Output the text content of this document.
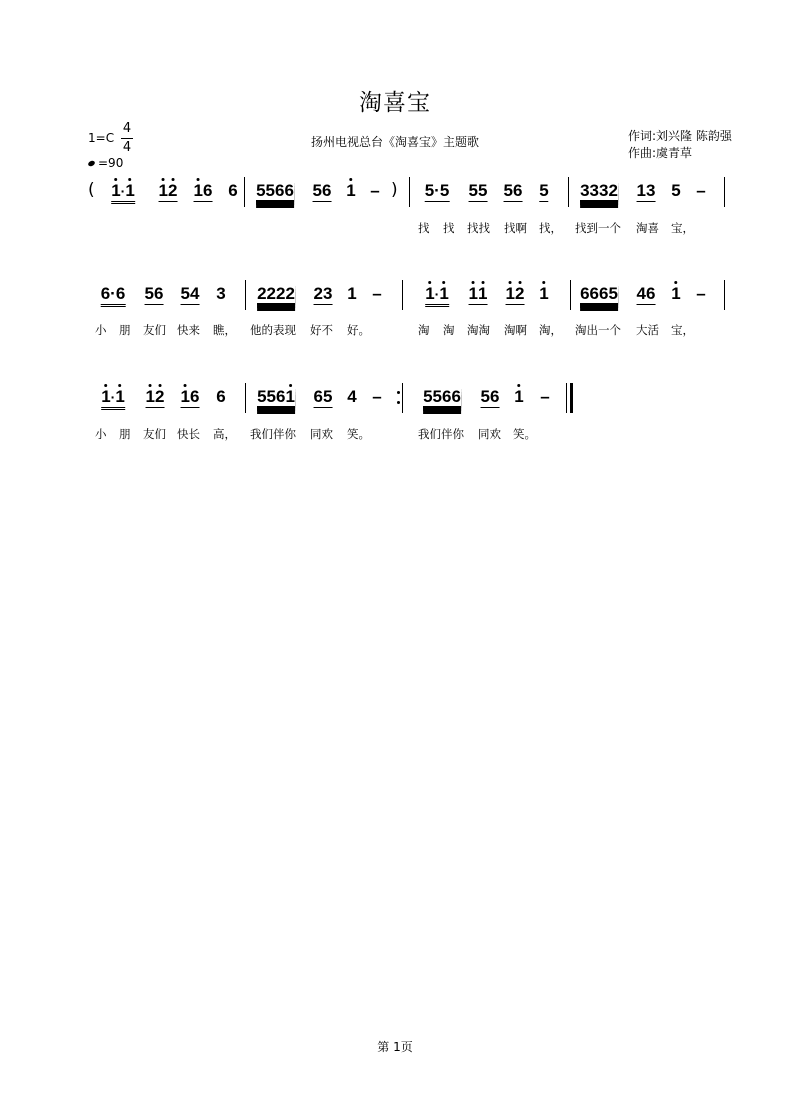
淘喜宝
1=C
4
4
=90
扬州电视总台《淘喜宝》主题歌	作词:刘兴隆 陈韵强
作曲:虞青草
( 1·1 12 16 6 5566 56 1 – ) 5·5 55 56 5 3332 13 5 –
找 找 找找 找啊 找， 找到一个 淘喜 宝，
6·6 56 54 3 2222 23 1 –	1·1 11 12 1 6665 46 1 –
小 朋 友们 快来 瞧， 他的表现 好不 好。	淘 淘 淘淘 淘啊 淘， 淘出一个 大活 宝，
1·1 12 16 6 5561 65 4 – 5566 56 1 –
小 朋 友们 快长 高， 我们伴你 同欢 笑。	我们伴你 同欢 笑。
第 1页
